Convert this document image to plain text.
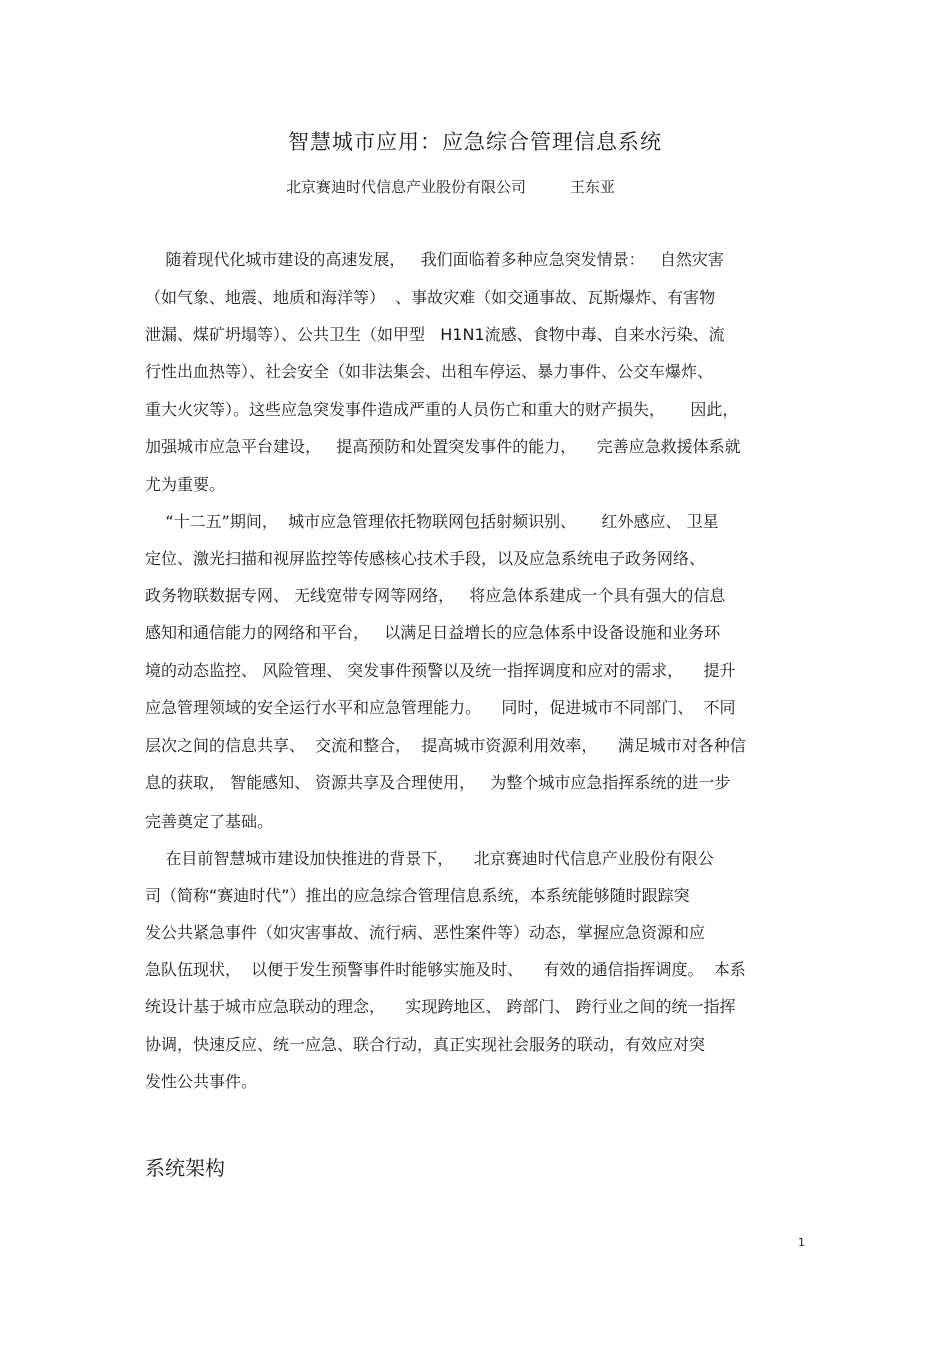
智慧城市应用：应急综合管理信息系统
北京赛迪时代信息产业股份有限公司	王东亚
随着现代化城市建设的高速发展，   我们面临着多种应急突发情景：   自然灾害
（如气象、地震、地质和海洋等）  、事故灾难（如交通事故、瓦斯爆炸、有害物
泄漏、煤矿坍塌等）、公共卫生（如甲型   H1N1流感、食物中毒、自来水污染、流
行性出血热等）、社会安全（如非法集会、出租车停运、暴力事件、公交车爆炸、
重大火灾等）。这些应急突发事件造成严重的人员伤亡和重大的财产损失，     因此，
加强城市应急平台建设，   提高预防和处置突发事件的能力，    完善应急救援体系就
尤为重要。
“十二五”期间，  城市应急管理依托物联网包括射频识别、     红外感应、 卫星
定位、激光扫描和视屏监控等传感核心技术手段，以及应急系统电子政务网络、
政务物联数据专网、 无线宽带专网等网络，   将应急体系建成一个具有强大的信息
感知和通信能力的网络和平台，   以满足日益增长的应急体系中设备设施和业务环
境的动态监控、 风险管理、 突发事件预警以及统一指挥调度和应对的需求，    提升
应急管理领域的安全运行水平和应急管理能力。    同时，促进城市不同部门、  不同
层次之间的信息共享、  交流和整合，  提高城市资源利用效率，    满足城市对各种信
息的获取， 智能感知、 资源共享及合理使用，   为整个城市应急指挥系统的进一步
完善奠定了基础。
在目前智慧城市建设加快推进的背景下，    北京赛迪时代信息产业股份有限公
司（简称“赛迪时代”）推出的应急综合管理信息系统，本系统能够随时跟踪突
发公共紧急事件（如灾害事故、流行病、恶性案件等）动态，掌握应急资源和应
急队伍现状，  以便于发生预警事件时能够实施及时、    有效的通信指挥调度。  本系
统设计基于城市应急联动的理念，    实现跨地区、 跨部门、 跨行业之间的统一指挥
协调，快速反应、统一应急、联合行动，真正实现社会服务的联动，有效应对突
发性公共事件。
系统架构
1
